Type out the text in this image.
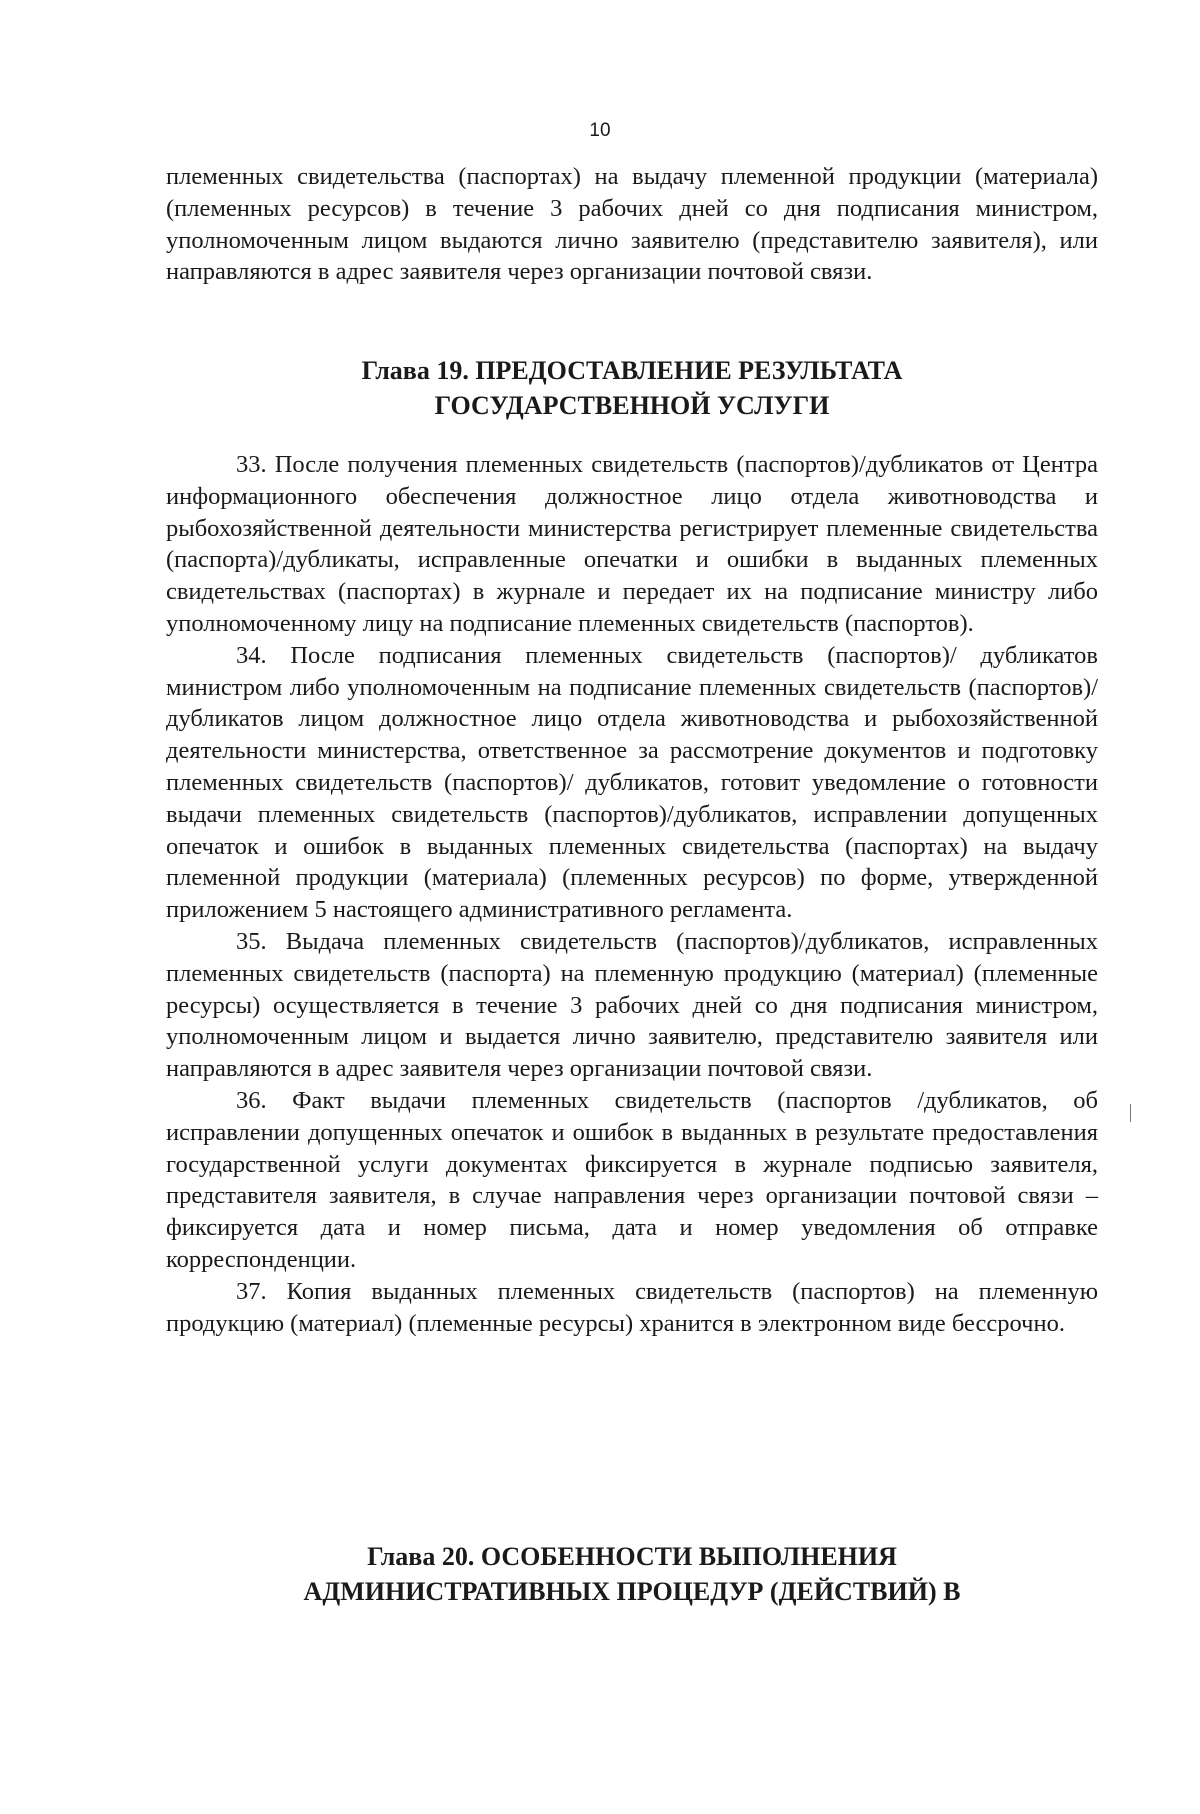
10

племенных свидетельства (паспортах) на выдачу племенной продукции (материала) (племенных ресурсов) в течение 3 рабочих дней со дня подписания министром, уполномоченным лицом выдаются лично заявителю (представителю заявителя), или направляются в адрес заявителя через организации почтовой связи.

Глава 19. ПРЕДОСТАВЛЕНИЕ РЕЗУЛЬТАТА
ГОСУДАРСТВЕННОЙ УСЛУГИ

33. После получения племенных свидетельств (паспортов)/дубликатов от Центра информационного обеспечения должностное лицо отдела животноводства и рыбохозяйственной деятельности министерства регистрирует племенные свидетельства (паспорта)/дубликаты, исправленные опечатки и ошибки в выданных племенных свидетельствах (паспортах) в журнале и передает их на подписание министру либо уполномоченному лицу на подписание племенных свидетельств (паспортов).

34. После подписания племенных свидетельств (паспортов)/ дубликатов министром либо уполномоченным на подписание племенных свидетельств (паспортов)/ дубликатов лицом должностное лицо отдела животноводства и рыбохозяйственной деятельности министерства, ответственное за рассмотрение документов и подготовку племенных свидетельств (паспортов)/ дубликатов, готовит уведомление о готовности выдачи племенных свидетельств (паспортов)/дубликатов, исправлении допущенных опечаток и ошибок в выданных племенных свидетельства (паспортах) на выдачу племенной продукции (материала) (племенных ресурсов) по форме, утвержденной приложением 5 настоящего административного регламента.

35. Выдача племенных свидетельств (паспортов)/дубликатов, исправленных племенных свидетельств (паспорта) на племенную продукцию (материал) (племенные ресурсы) осуществляется в течение 3 рабочих дней со дня подписания министром, уполномоченным лицом и выдается лично заявителю, представителю заявителя или направляются в адрес заявителя через организации почтовой связи.

36. Факт выдачи племенных свидетельств (паспортов /дубликатов, об исправлении допущенных опечаток и ошибок в выданных в результате предоставления государственной услуги документах фиксируется в журнале подписью заявителя, представителя заявителя, в случае направления через организации почтовой связи – фиксируется дата и номер письма, дата и номер уведомления об отправке корреспонденции.

37. Копия выданных племенных свидетельств (паспортов) на племенную продукцию (материал) (племенные ресурсы) хранится в электронном виде бессрочно.

Глава 20. ОСОБЕННОСТИ ВЫПОЛНЕНИЯ
АДМИНИСТРАТИВНЫХ ПРОЦЕДУР (ДЕЙСТВИЙ) В
